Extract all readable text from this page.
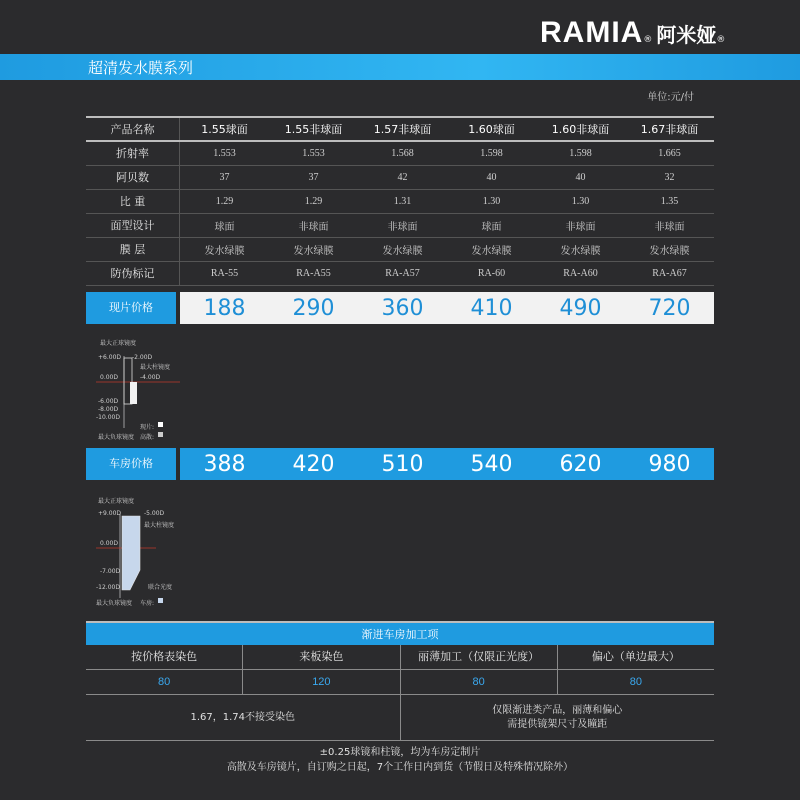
$RAMIA_®$ 阿米娅$_®$
超清发水膜系列
单位:元/付
产品名称	1.55球面	1.55非球面	1.57非球面	1.60球面	1.60非球面	1.67非球面
折射率	1.553	1.553	1.568	1.598	1.598	1.665
阿贝数	37	37	42	40	40	32
比 重	1.29	1.29	1.31	1.30	1.30	1.35
面型设计	球面	非球面	非球面	球面	非球面	非球面
膜 层	发水绿膜	发水绿膜	发水绿膜	发水绿膜	发水绿膜	发水绿膜
防伪标记	RA-55	RA-A55	RA-A57	RA-60	RA-A60	RA-A67
现片价格	188	290	360	410	490	720
最大正球镜度
+6.00D -2.00D
最大柱镜度
0.00D	-4.00D
-6.00D
-8.00D
-10.00D
现片:
最大负球镜度 高散:
车房价格	388	420	510	540	620	980
最大正球镜度
+9.00D	-5.00D
最大柱镜度
0.00D
-7.00D
联合光度
-12.00D
最大负球镜度 车房:
渐进车房加工项
按价格表染色	来板染色	丽薄加工（仅限正光度）	偏心（单边最大）
80	120	80	80
1.67，1.74不接受染色
仅限渐进类产品，丽薄和偏心
需提供镜架尺寸及瞳距
±0.25球镜和柱镜，均为车房定制片
高散及车房镜片，自订购之日起，7个工作日内到货（节假日及特殊情况除外）
